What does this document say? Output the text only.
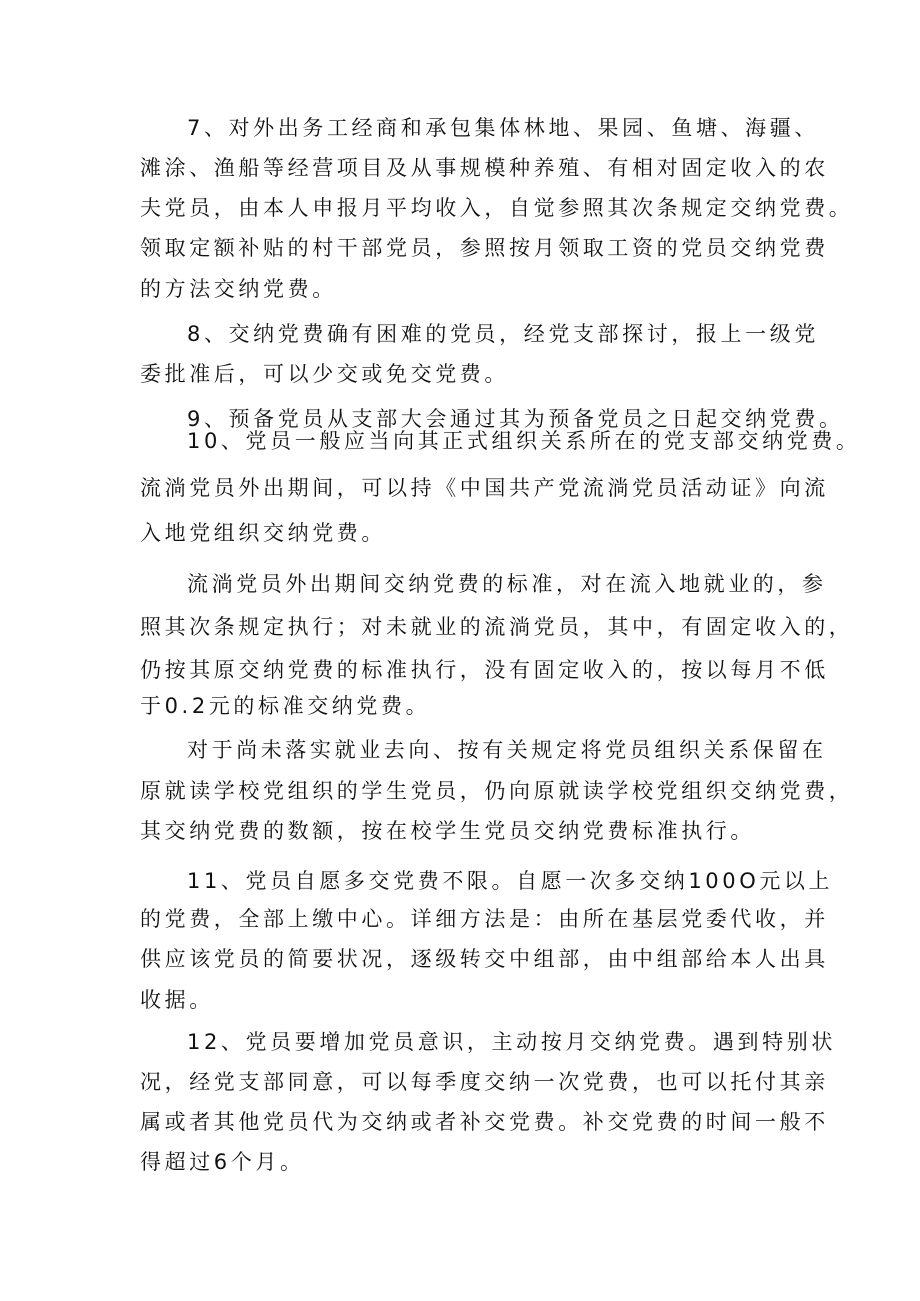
7、对外出务工经商和承包集体林地、果园、鱼塘、海疆、
滩涂、渔船等经营项目及从事规模种养殖、有相对固定收入的农
夫党员，由本人申报月平均收入，自觉参照其次条规定交纳党费。
领取定额补贴的村干部党员，参照按月领取工资的党员交纳党费
的方法交纳党费。
8、交纳党费确有困难的党员，经党支部探讨，报上一级党
委批准后，可以少交或免交党费。
9、预备党员从支部大会通过其为预备党员之日起交纳党费。
10、党员一般应当向其正式组织关系所在的党支部交纳党费。
流淌党员外出期间，可以持《中国共产党流淌党员活动证》向流
入地党组织交纳党费。
流淌党员外出期间交纳党费的标准，对在流入地就业的，参
照其次条规定执行；对未就业的流淌党员，其中，有固定收入的，
仍按其原交纳党费的标准执行，没有固定收入的，按以每月不低
于0.2元的标准交纳党费。
对于尚未落实就业去向、按有关规定将党员组织关系保留在
原就读学校党组织的学生党员，仍向原就读学校党组织交纳党费，
其交纳党费的数额，按在校学生党员交纳党费标准执行。
11、党员自愿多交党费不限。自愿一次多交纳100O元以上
的党费，全部上缴中心。详细方法是：由所在基层党委代收，并
供应该党员的简要状况，逐级转交中组部，由中组部给本人出具
收据。
12、党员要增加党员意识，主动按月交纳党费。遇到特别状
况，经党支部同意，可以每季度交纳一次党费，也可以托付其亲
属或者其他党员代为交纳或者补交党费。补交党费的时间一般不
得超过6个月。
